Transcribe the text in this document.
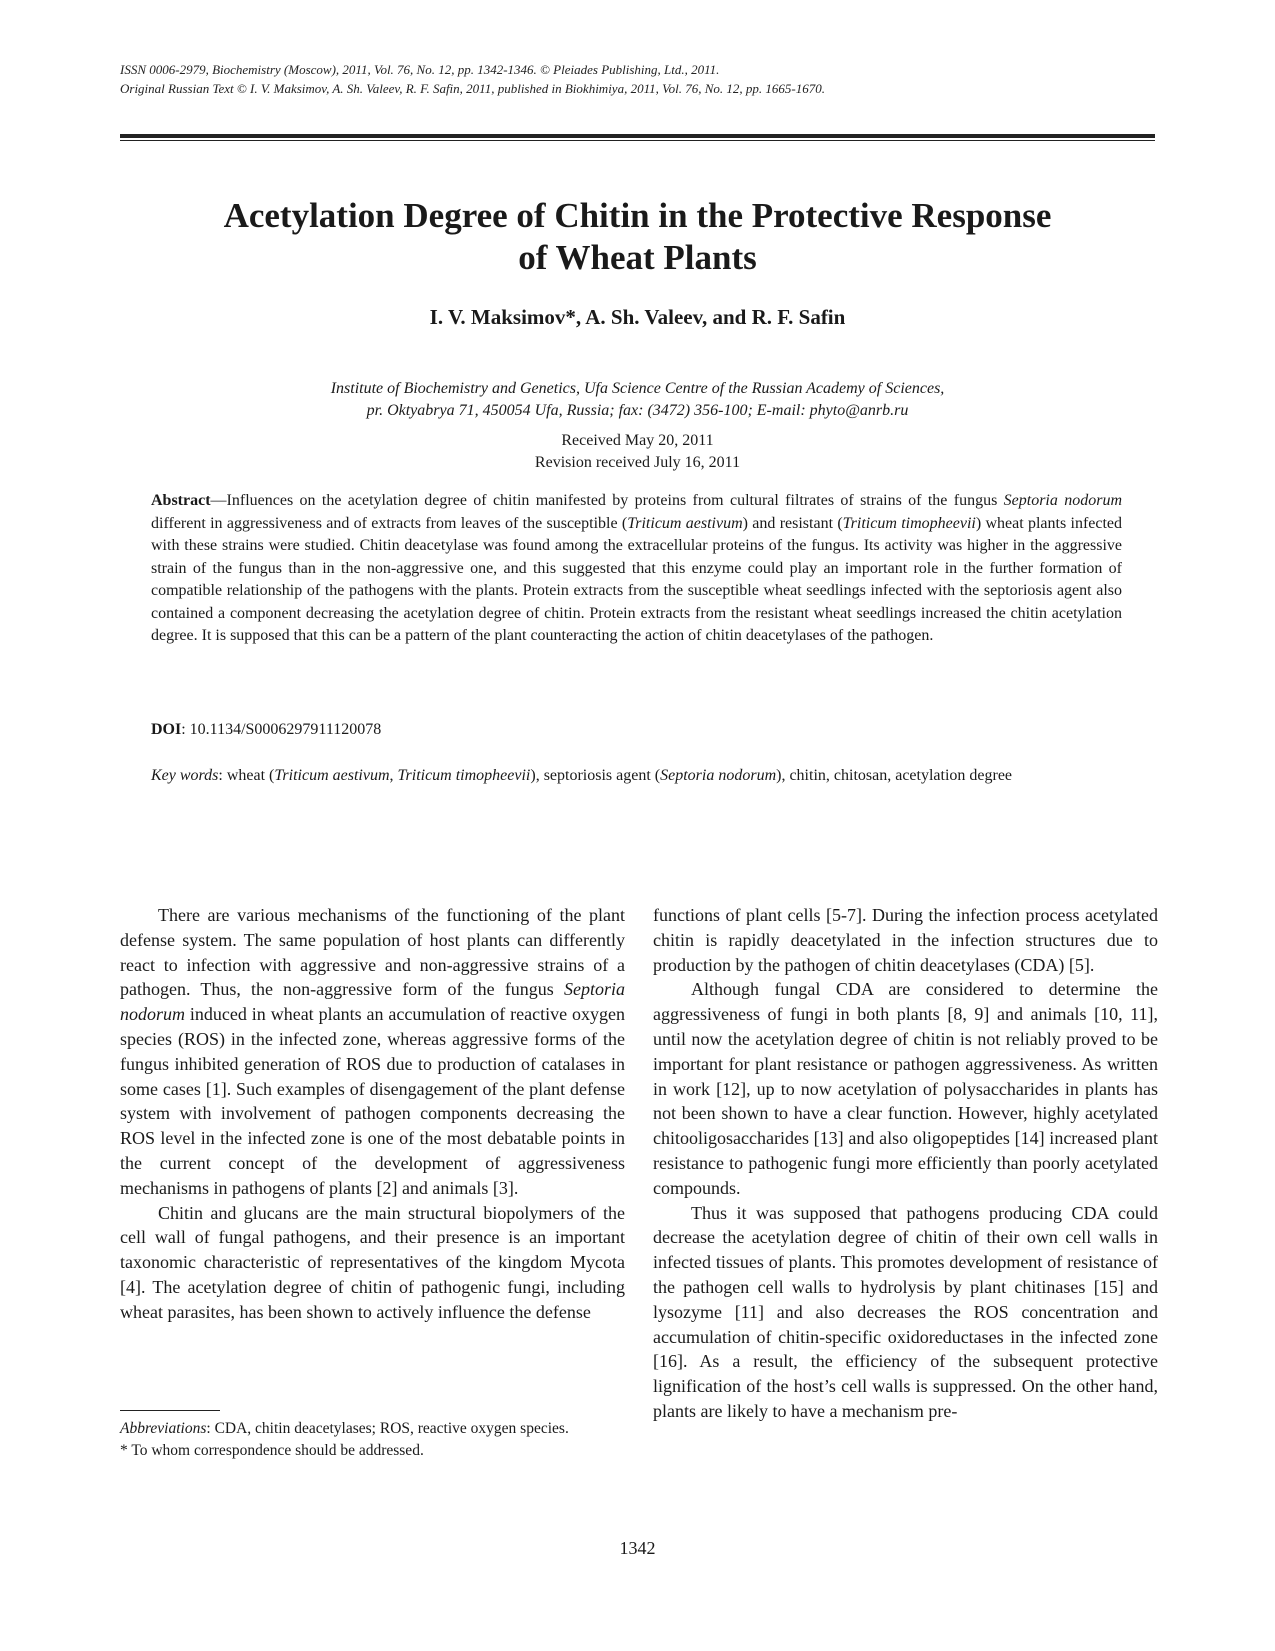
ISSN 0006-2979, Biochemistry (Moscow), 2011, Vol. 76, No. 12, pp. 1342-1346. © Pleiades Publishing, Ltd., 2011.
Original Russian Text © I. V. Maksimov, A. Sh. Valeev, R. F. Safin, 2011, published in Biokhimiya, 2011, Vol. 76, No. 12, pp. 1665-1670.
Acetylation Degree of Chitin in the Protective Response
of Wheat Plants
I. V. Maksimov*, A. Sh. Valeev, and R. F. Safin
Institute of Biochemistry and Genetics, Ufa Science Centre of the Russian Academy of Sciences,
pr. Oktyabrya 71, 450054 Ufa, Russia; fax: (3472) 356-100; E-mail: phyto@anrb.ru
Received May 20, 2011
Revision received July 16, 2011
Abstract—Influences on the acetylation degree of chitin manifested by proteins from cultural filtrates of strains of the fungus Septoria nodorum different in aggressiveness and of extracts from leaves of the susceptible (Triticum aestivum) and resistant (Triticum timopheevii) wheat plants infected with these strains were studied. Chitin deacetylase was found among the extracellular proteins of the fungus. Its activity was higher in the aggressive strain of the fungus than in the non-aggressive one, and this suggested that this enzyme could play an important role in the further formation of compatible relationship of the pathogens with the plants. Protein extracts from the susceptible wheat seedlings infected with the septoriosis agent also contained a component decreasing the acetylation degree of chitin. Protein extracts from the resistant wheat seedlings increased the chitin acetylation degree. It is supposed that this can be a pattern of the plant counteracting the action of chitin deacetylases of the pathogen.
DOI: 10.1134/S0006297911120078
Key words: wheat (Triticum aestivum, Triticum timopheevii), septoriosis agent (Septoria nodorum), chitin, chitosan, acetylation degree

There are various mechanisms of the functioning of the plant defense system. The same population of host plants can differently react to infection with aggressive and non-aggressive strains of a pathogen. Thus, the non-aggressive form of the fungus Septoria nodorum induced in wheat plants an accumulation of reactive oxygen species (ROS) in the infected zone, whereas aggressive forms of the fungus inhibited generation of ROS due to production of catalases in some cases [1]. Such examples of disengagement of the plant defense system with involvement of pathogen components decreasing the ROS level in the infected zone is one of the most debatable points in the current concept of the development of aggressiveness mechanisms in pathogens of plants [2] and animals [3].

Chitin and glucans are the main structural biopolymers of the cell wall of fungal pathogens, and their presence is an important taxonomic characteristic of representatives of the kingdom Mycota [4]. The acetylation degree of chitin of pathogenic fungi, including wheat parasites, has been shown to actively influence the defense

functions of plant cells [5-7]. During the infection process acetylated chitin is rapidly deacetylated in the infection structures due to production by the pathogen of chitin deacetylases (CDA) [5].

Although fungal CDA are considered to determine the aggressiveness of fungi in both plants [8, 9] and animals [10, 11], until now the acetylation degree of chitin is not reliably proved to be important for plant resistance or pathogen aggressiveness. As written in work [12], up to now acetylation of polysaccharides in plants has not been shown to have a clear function. However, highly acetylated chitooligosaccharides [13] and also oligopeptides [14] increased plant resistance to pathogenic fungi more efficiently than poorly acetylated compounds.

Thus it was supposed that pathogens producing CDA could decrease the acetylation degree of chitin of their own cell walls in infected tissues of plants. This promotes development of resistance of the pathogen cell walls to hydrolysis by plant chitinases [15] and lysozyme [11] and also decreases the ROS concentration and accumulation of chitin-specific oxidoreductases in the infected zone [16]. As a result, the efficiency of the subsequent protective lignification of the host’s cell walls is suppressed. On the other hand, plants are likely to have a mechanism pre-

Abbreviations: CDA, chitin deacetylases; ROS, reactive oxygen species.
* To whom correspondence should be addressed.
1342
